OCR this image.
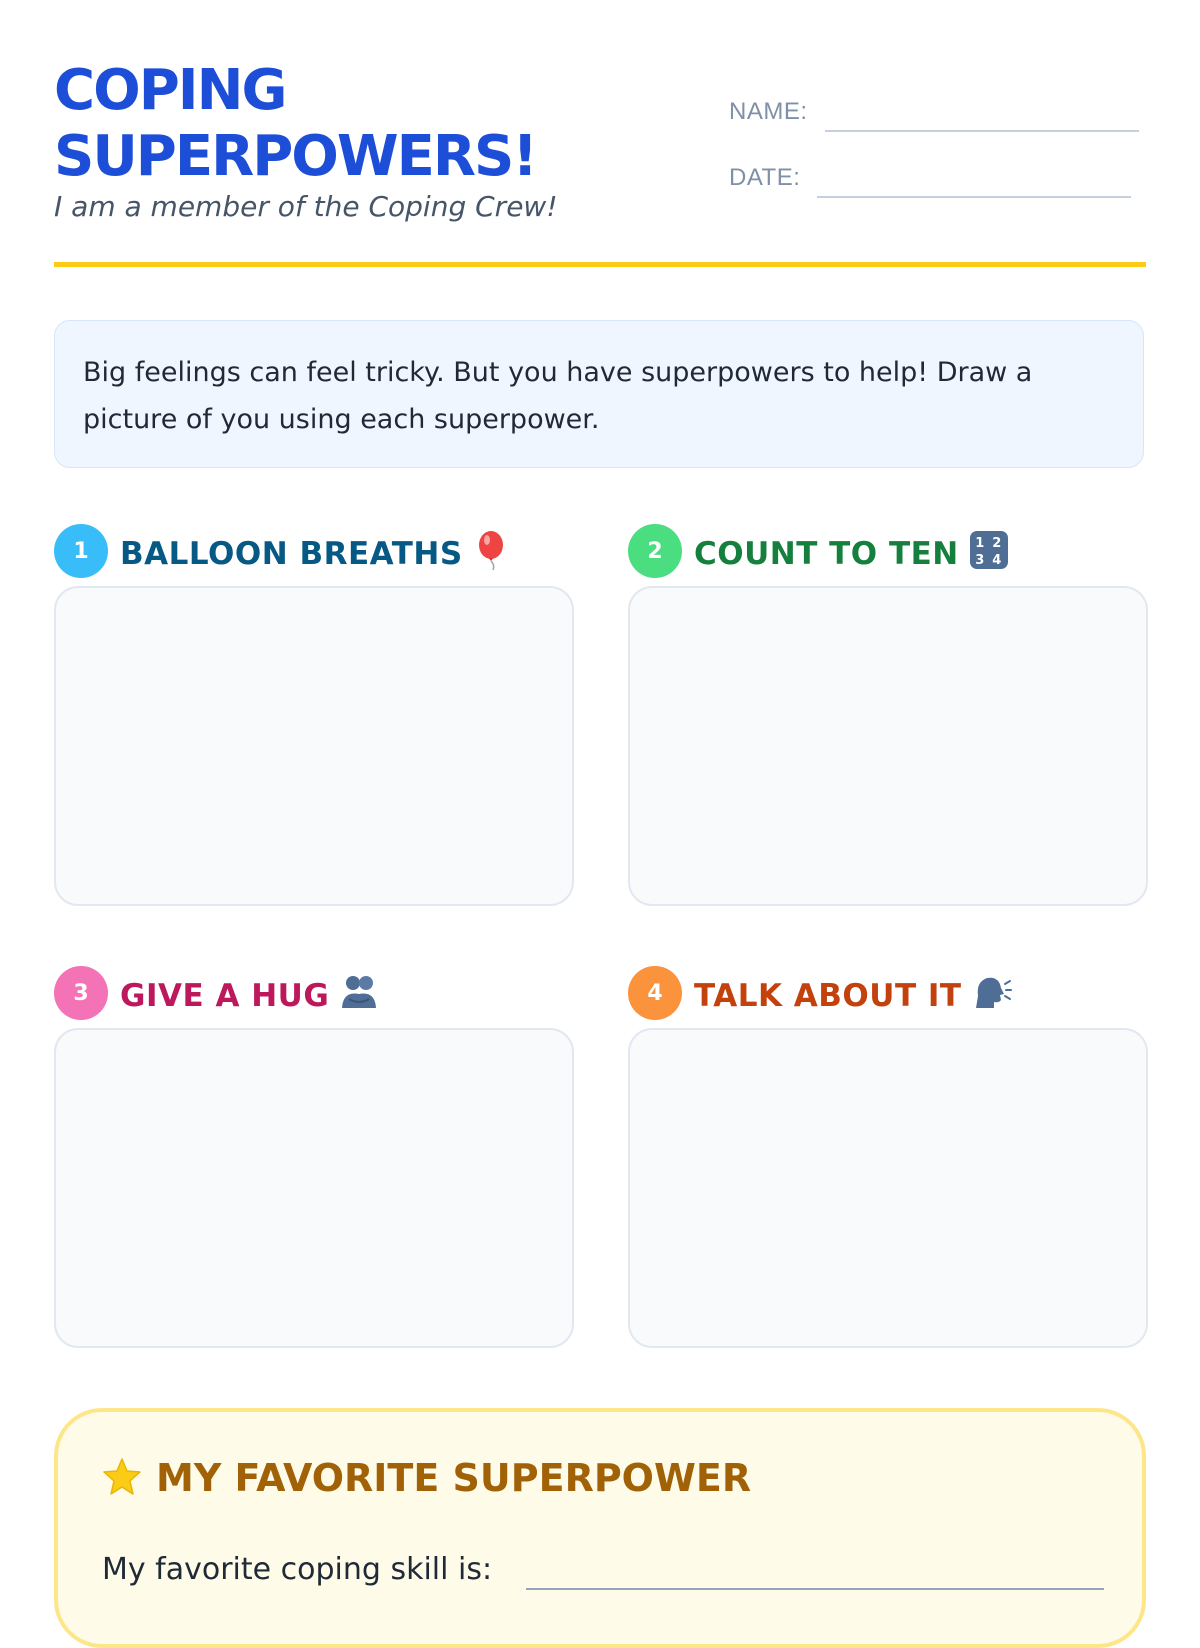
COPING
SUPERPOWERS!
I am a member of the Coping Crew!
NAME:
DATE:

Big feelings can feel tricky. But you have superpowers to help! Draw a picture of you using each superpower.

1	BALLOON BREATHS	2	COUNT TO TEN 1 2
3 4
3	GIVE A HUG	4	TALK ABOUT IT
MY FAVORITE SUPERPOWER
My favorite coping skill is:
